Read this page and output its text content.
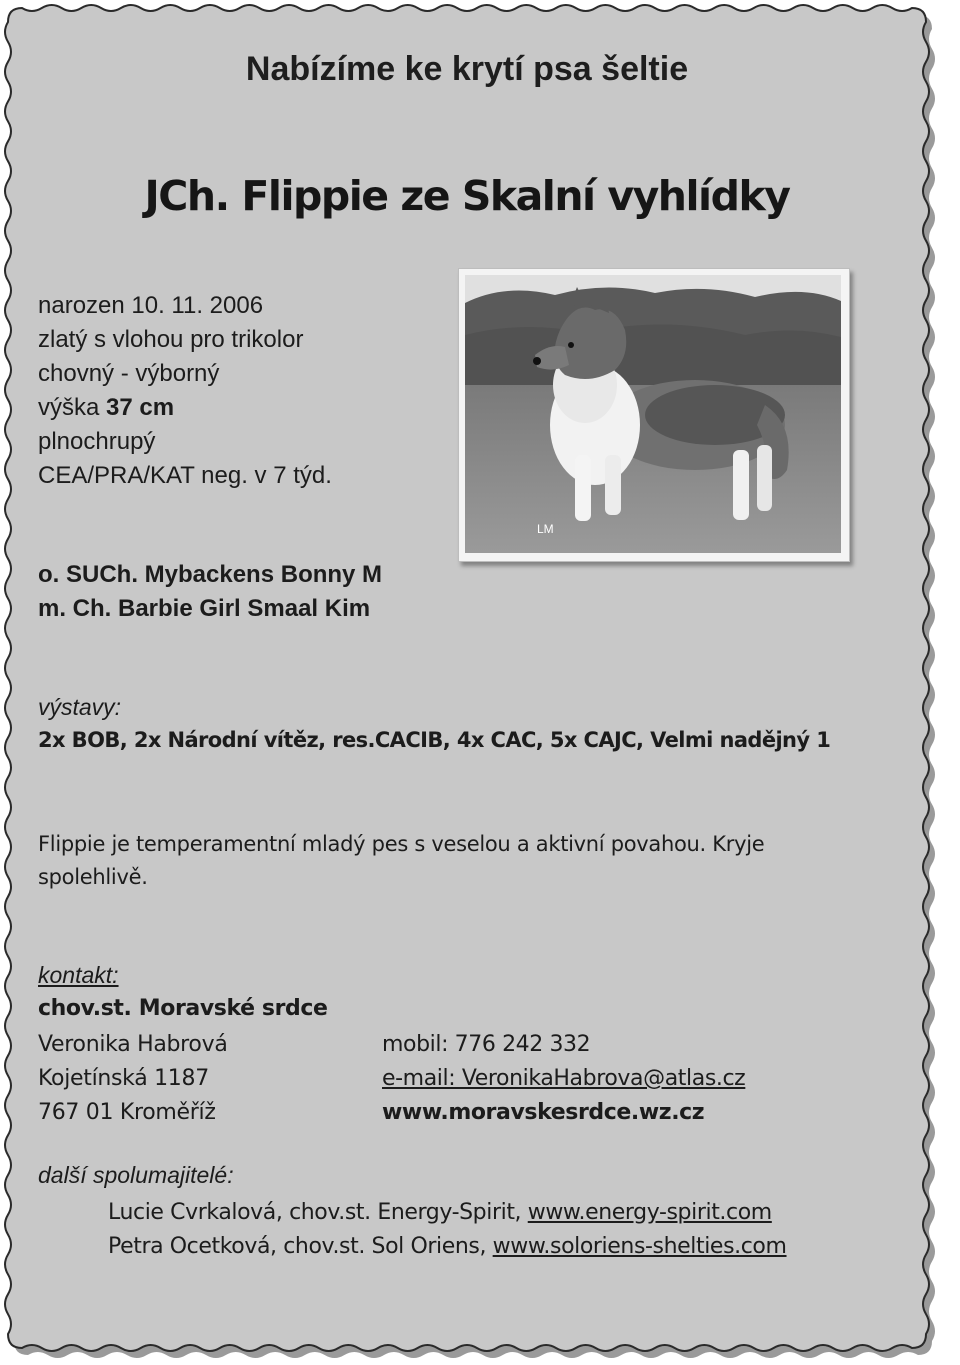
Nabízíme ke krytí psa šeltie
JCh. Flippie ze Skalní vyhlídky
narozen 10. 11. 2006
zlatý s vlohou pro trikolor
chovný - výborný
výška 37 cm
plnochrupý
CEA/PRA/KAT neg. v 7 týd.
LM
o. SUCh. Mybackens Bonny M
m. Ch. Barbie Girl Smaal Kim
výstavy:
2x BOB, 2x Národní vítěz, res.CACIB, 4x CAC, 5x CAJC, Velmi nadějný 1
Flippie je temperamentní mladý pes s veselou a aktivní povahou. Kryje
spolehlivě.
kontakt:
chov.st. Moravské srdce
Veronika Habrová
Kojetínská 1187
767 01 Kroměříž
mobil: 776 242 332
e-mail: VeronikaHabrova@atlas.cz
www.moravskesrdce.wz.cz
další spolumajitelé:
Lucie Cvrkalová, chov.st. Energy-Spirit, www.energy-spirit.com
Petra Ocetková, chov.st. Sol Oriens, www.soloriens-shelties.com
